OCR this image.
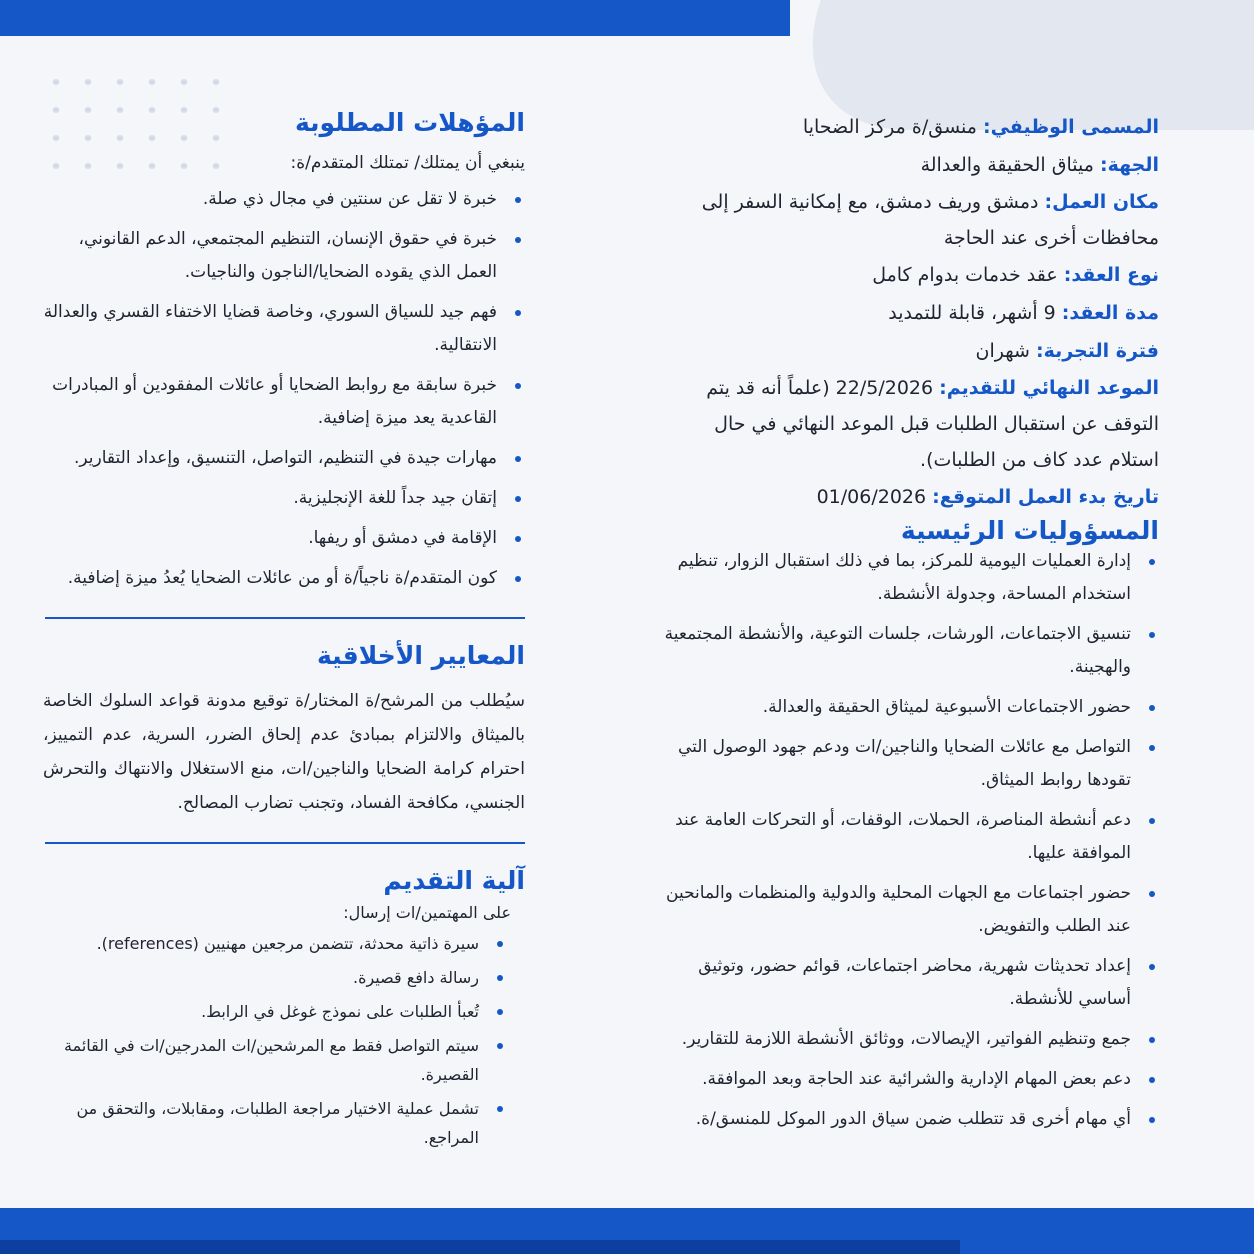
المسمى الوظيفي: منسق/ة مركز الضحايا

الجهة: ميثاق الحقيقة والعدالة

مكان العمل: دمشق وريف دمشق، مع إمكانية السفر إلى محافظات أخرى عند الحاجة

نوع العقد: عقد خدمات بدوام كامل

مدة العقد: 9 أشهر، قابلة للتمديد

فترة التجربة: شهران

الموعد النهائي للتقديم: 22/5/2026 (علماً أنه قد يتم التوقف عن استقبال الطلبات قبل الموعد النهائي في حال استلام عدد كاف من الطلبات).

تاريخ بدء العمل المتوقع: 01/06/2026

المسؤوليات الرئيسية
إدارة العمليات اليومية للمركز، بما في ذلك استقبال الزوار، تنظيم استخدام المساحة، وجدولة الأنشطة.
تنسيق الاجتماعات، الورشات، جلسات التوعية، والأنشطة المجتمعية والهجينة.
حضور الاجتماعات الأسبوعية لميثاق الحقيقة والعدالة.
التواصل مع عائلات الضحايا والناجين/ات ودعم جهود الوصول التي تقودها روابط الميثاق.
دعم أنشطة المناصرة، الحملات، الوقفات، أو التحركات العامة عند الموافقة عليها.
حضور اجتماعات مع الجهات المحلية والدولية والمنظمات والمانحين عند الطلب والتفويض.
إعداد تحديثات شهرية، محاضر اجتماعات، قوائم حضور، وتوثيق أساسي للأنشطة.
جمع وتنظيم الفواتير، الإيصالات، ووثائق الأنشطة اللازمة للتقارير.
دعم بعض المهام الإدارية والشرائية عند الحاجة وبعد الموافقة.
أي مهام أخرى قد تتطلب ضمن سياق الدور الموكل للمنسق/ة.
المؤهلات المطلوبة

ينبغي أن يمتلك/ تمتلك المتقدم/ة:

خبرة لا تقل عن سنتين في مجال ذي صلة.
خبرة في حقوق الإنسان، التنظيم المجتمعي، الدعم القانوني، العمل الذي يقوده الضحايا/الناجون والناجيات.
فهم جيد للسياق السوري، وخاصة قضايا الاختفاء القسري والعدالة الانتقالية.
خبرة سابقة مع روابط الضحايا أو عائلات المفقودين أو المبادرات القاعدية يعد ميزة إضافية.
مهارات جيدة في التنظيم، التواصل، التنسيق، وإعداد التقارير.
إتقان جيد جداً للغة الإنجليزية.
الإقامة في دمشق أو ريفها.
كون المتقدم/ة ناجياً/ة أو من عائلات الضحايا يُعدُ ميزة إضافية.
المعايير الأخلاقية

سيُطلب من المرشح/ة المختار/ة توقيع مدونة قواعد السلوك الخاصة بالميثاق والالتزام بمبادئ عدم إلحاق الضرر، السرية، عدم التمييز، احترام كرامة الضحايا والناجين/ات، منع الاستغلال والانتهاك والتحرش الجنسي، مكافحة الفساد، وتجنب تضارب المصالح.

آلية التقديم

على المهتمين/ات إرسال:

سيرة ذاتية محدثة، تتضمن مرجعين مهنيين (references).
رسالة دافع قصيرة.
تُعبأ الطلبات على نموذج غوغل في الرابط.
سيتم التواصل فقط مع المرشحين/ات المدرجين/ات في القائمة القصيرة.
تشمل عملية الاختيار مراجعة الطلبات، ومقابلات، والتحقق من المراجع.
